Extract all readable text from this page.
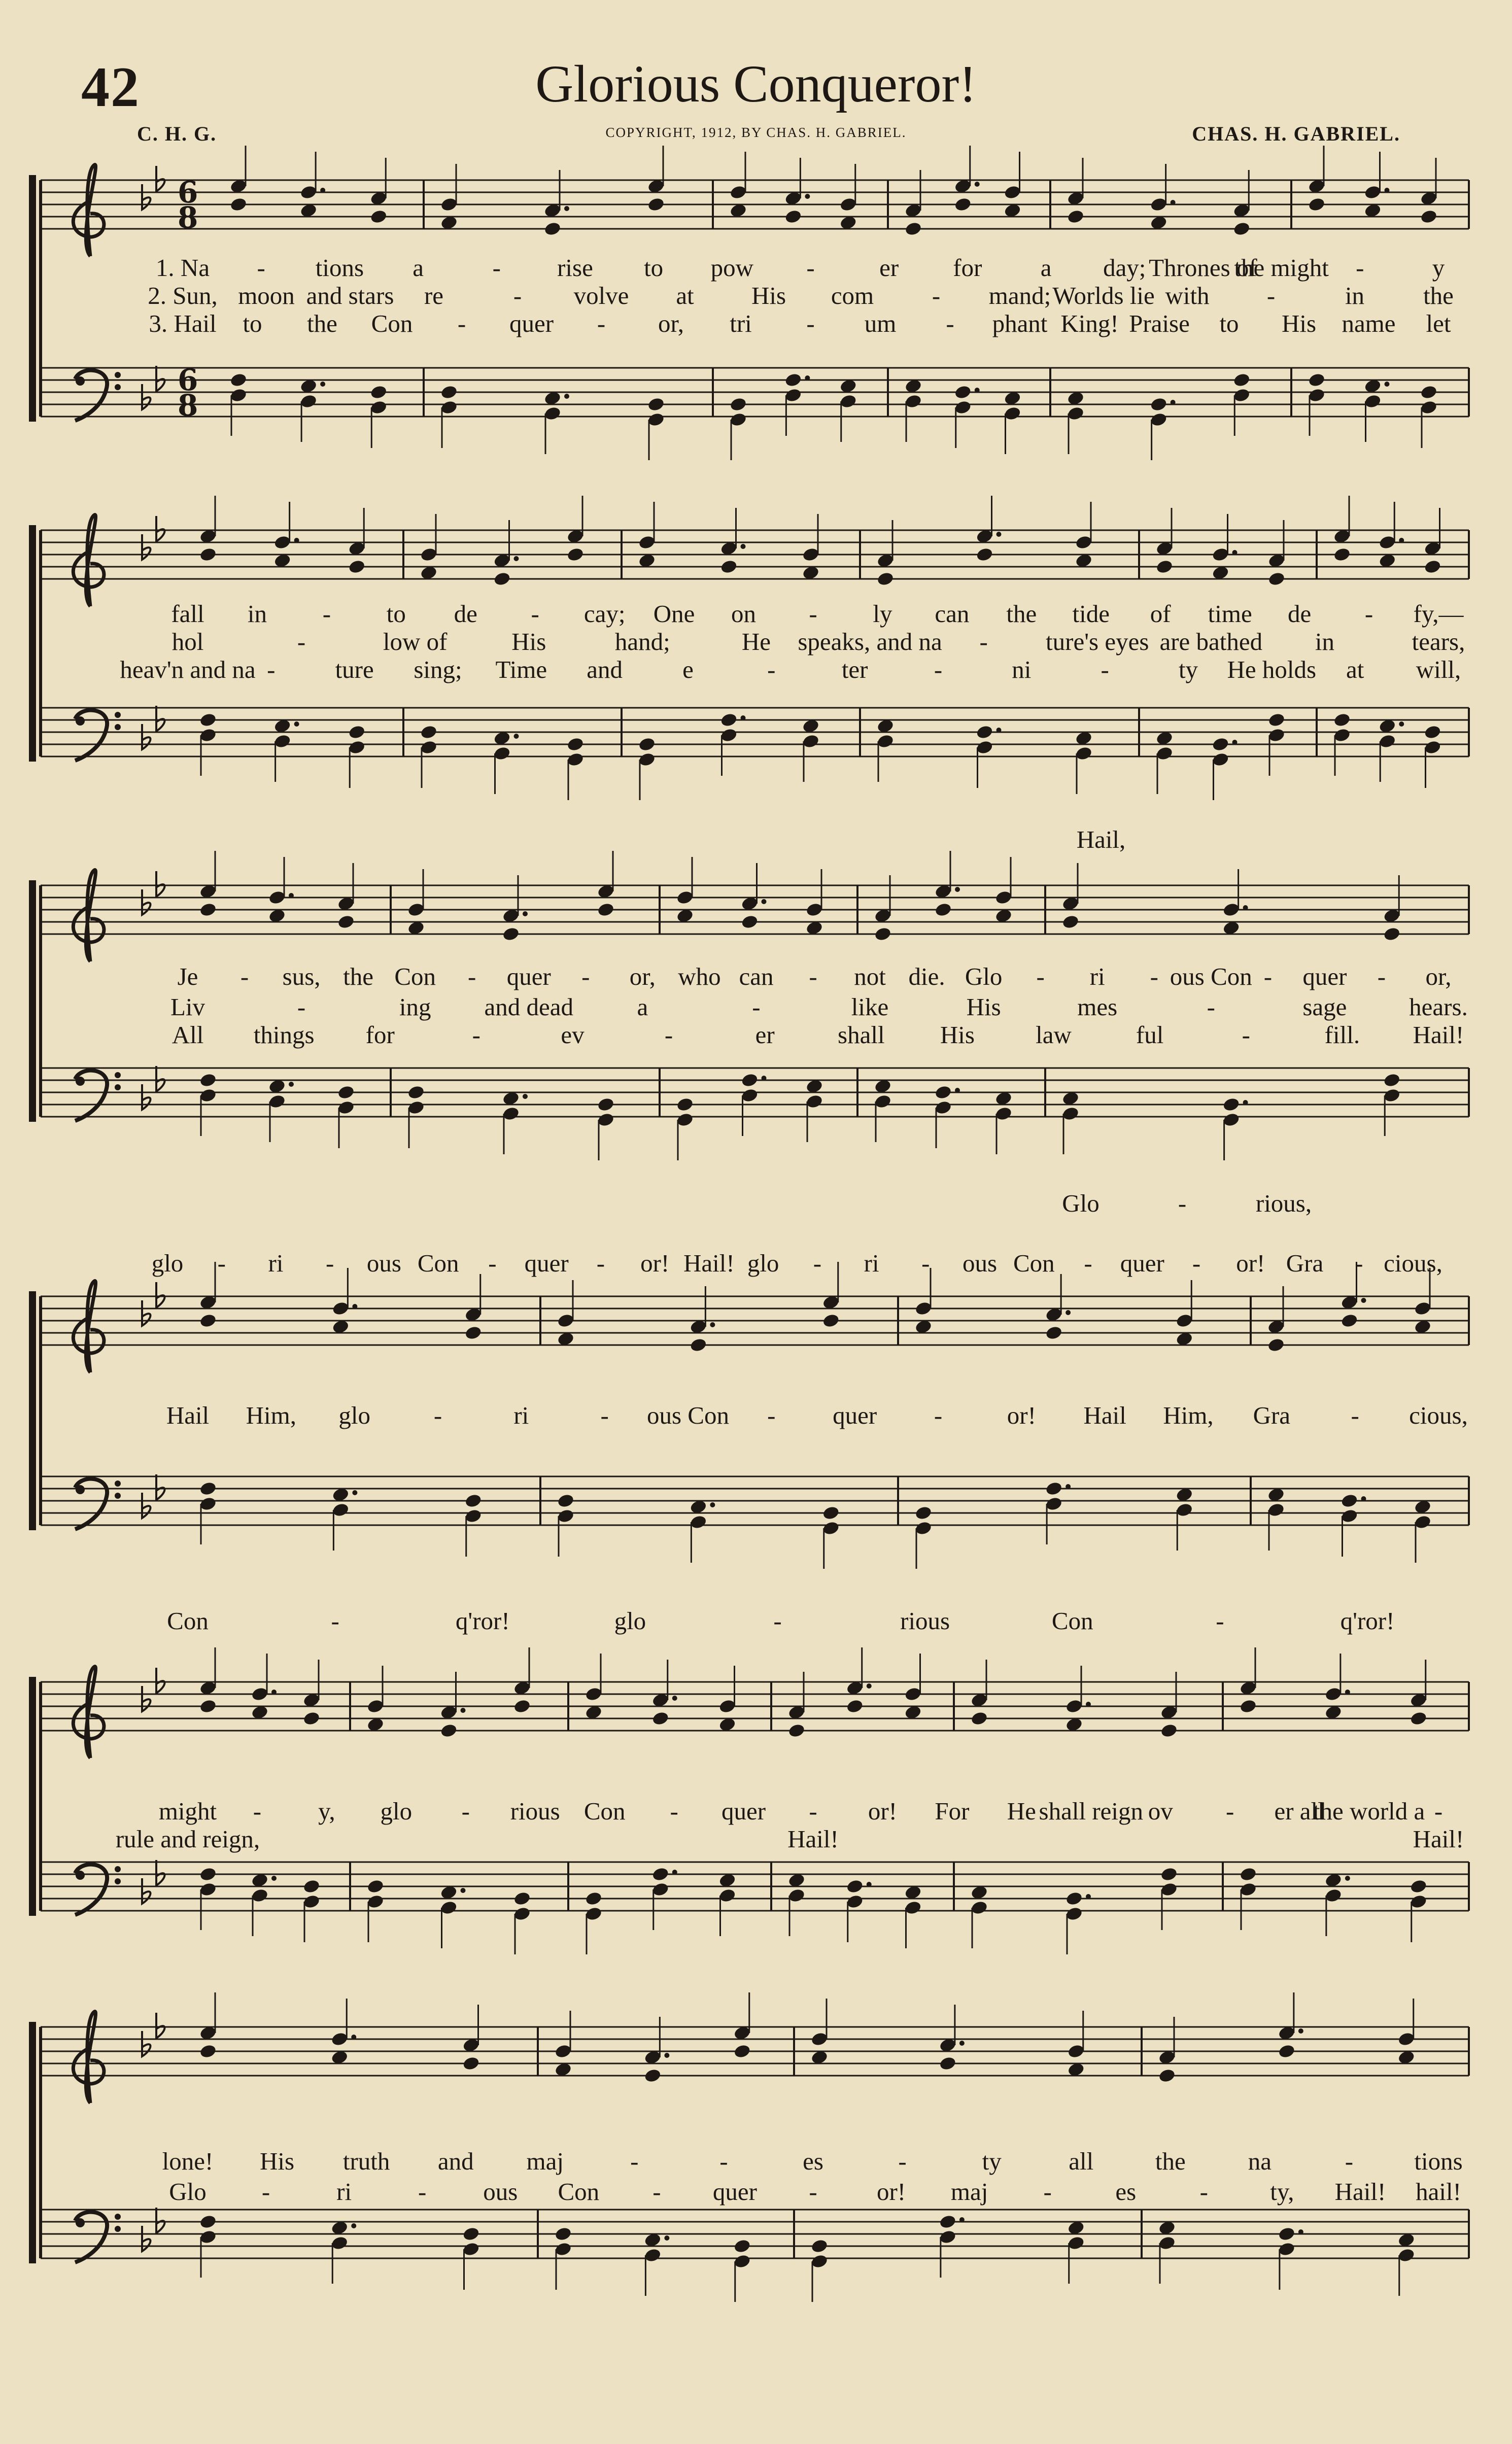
42	Glorious Conqueror!
C. H. G.	COPYRIGHT, 1912, BY CHAS. H. GABRIEL.	CHAS. H. GABRIEL.
6
8
6
8
1. Na - tions a	- rise to pow -	er for a day; Thrones of
the might -	y
2. Sun, moon and stars re	- volve at His com - mand; Worlds lie with -	in the
3. Hail to the Con - quer - or, tri - um - phant King! Praise to His name let
fall in - to de - cay; One on - ly can the tide of time de - fy,—
hol	-	low of	His	hand;	He speaks, and na - ture's eyes are bathed in	tears,
heav'n and na - ture sing; Time and e	-	ter	-	ni	-	ty He holds at will,
Je - sus, the Con - quer - or, who can - not die. Glo - ri - ous Con - quer - or,
Liv	-	ing and dead	a	-	like	His	mes	-	sage	hears.
All things for	-	ev	-	er	shall His law	ful	-	fill. Hail!
Hail,
Glo	-	rious,
Hail Him, glo	-	ri	- ous Con - quer -	or! Hail Him, Gra - cious,
glo - ri - ous Con - quer - or! Hail! glo - ri - ous Con - quer - or! Gra - cious,
Con	-	q'ror!	glo	-	rious	Con	-	q'ror!
might - y, glo - rious Con - quer - or! For He shall reign ov - er all
the world a -
rule and reign,	Hail!	Hail!
lone! His truth and maj	-	-	es	-	ty	all the	na	- tions
Glo -	ri	- ous Con - quer - or! maj -	es	- ty, Hail! hail!
